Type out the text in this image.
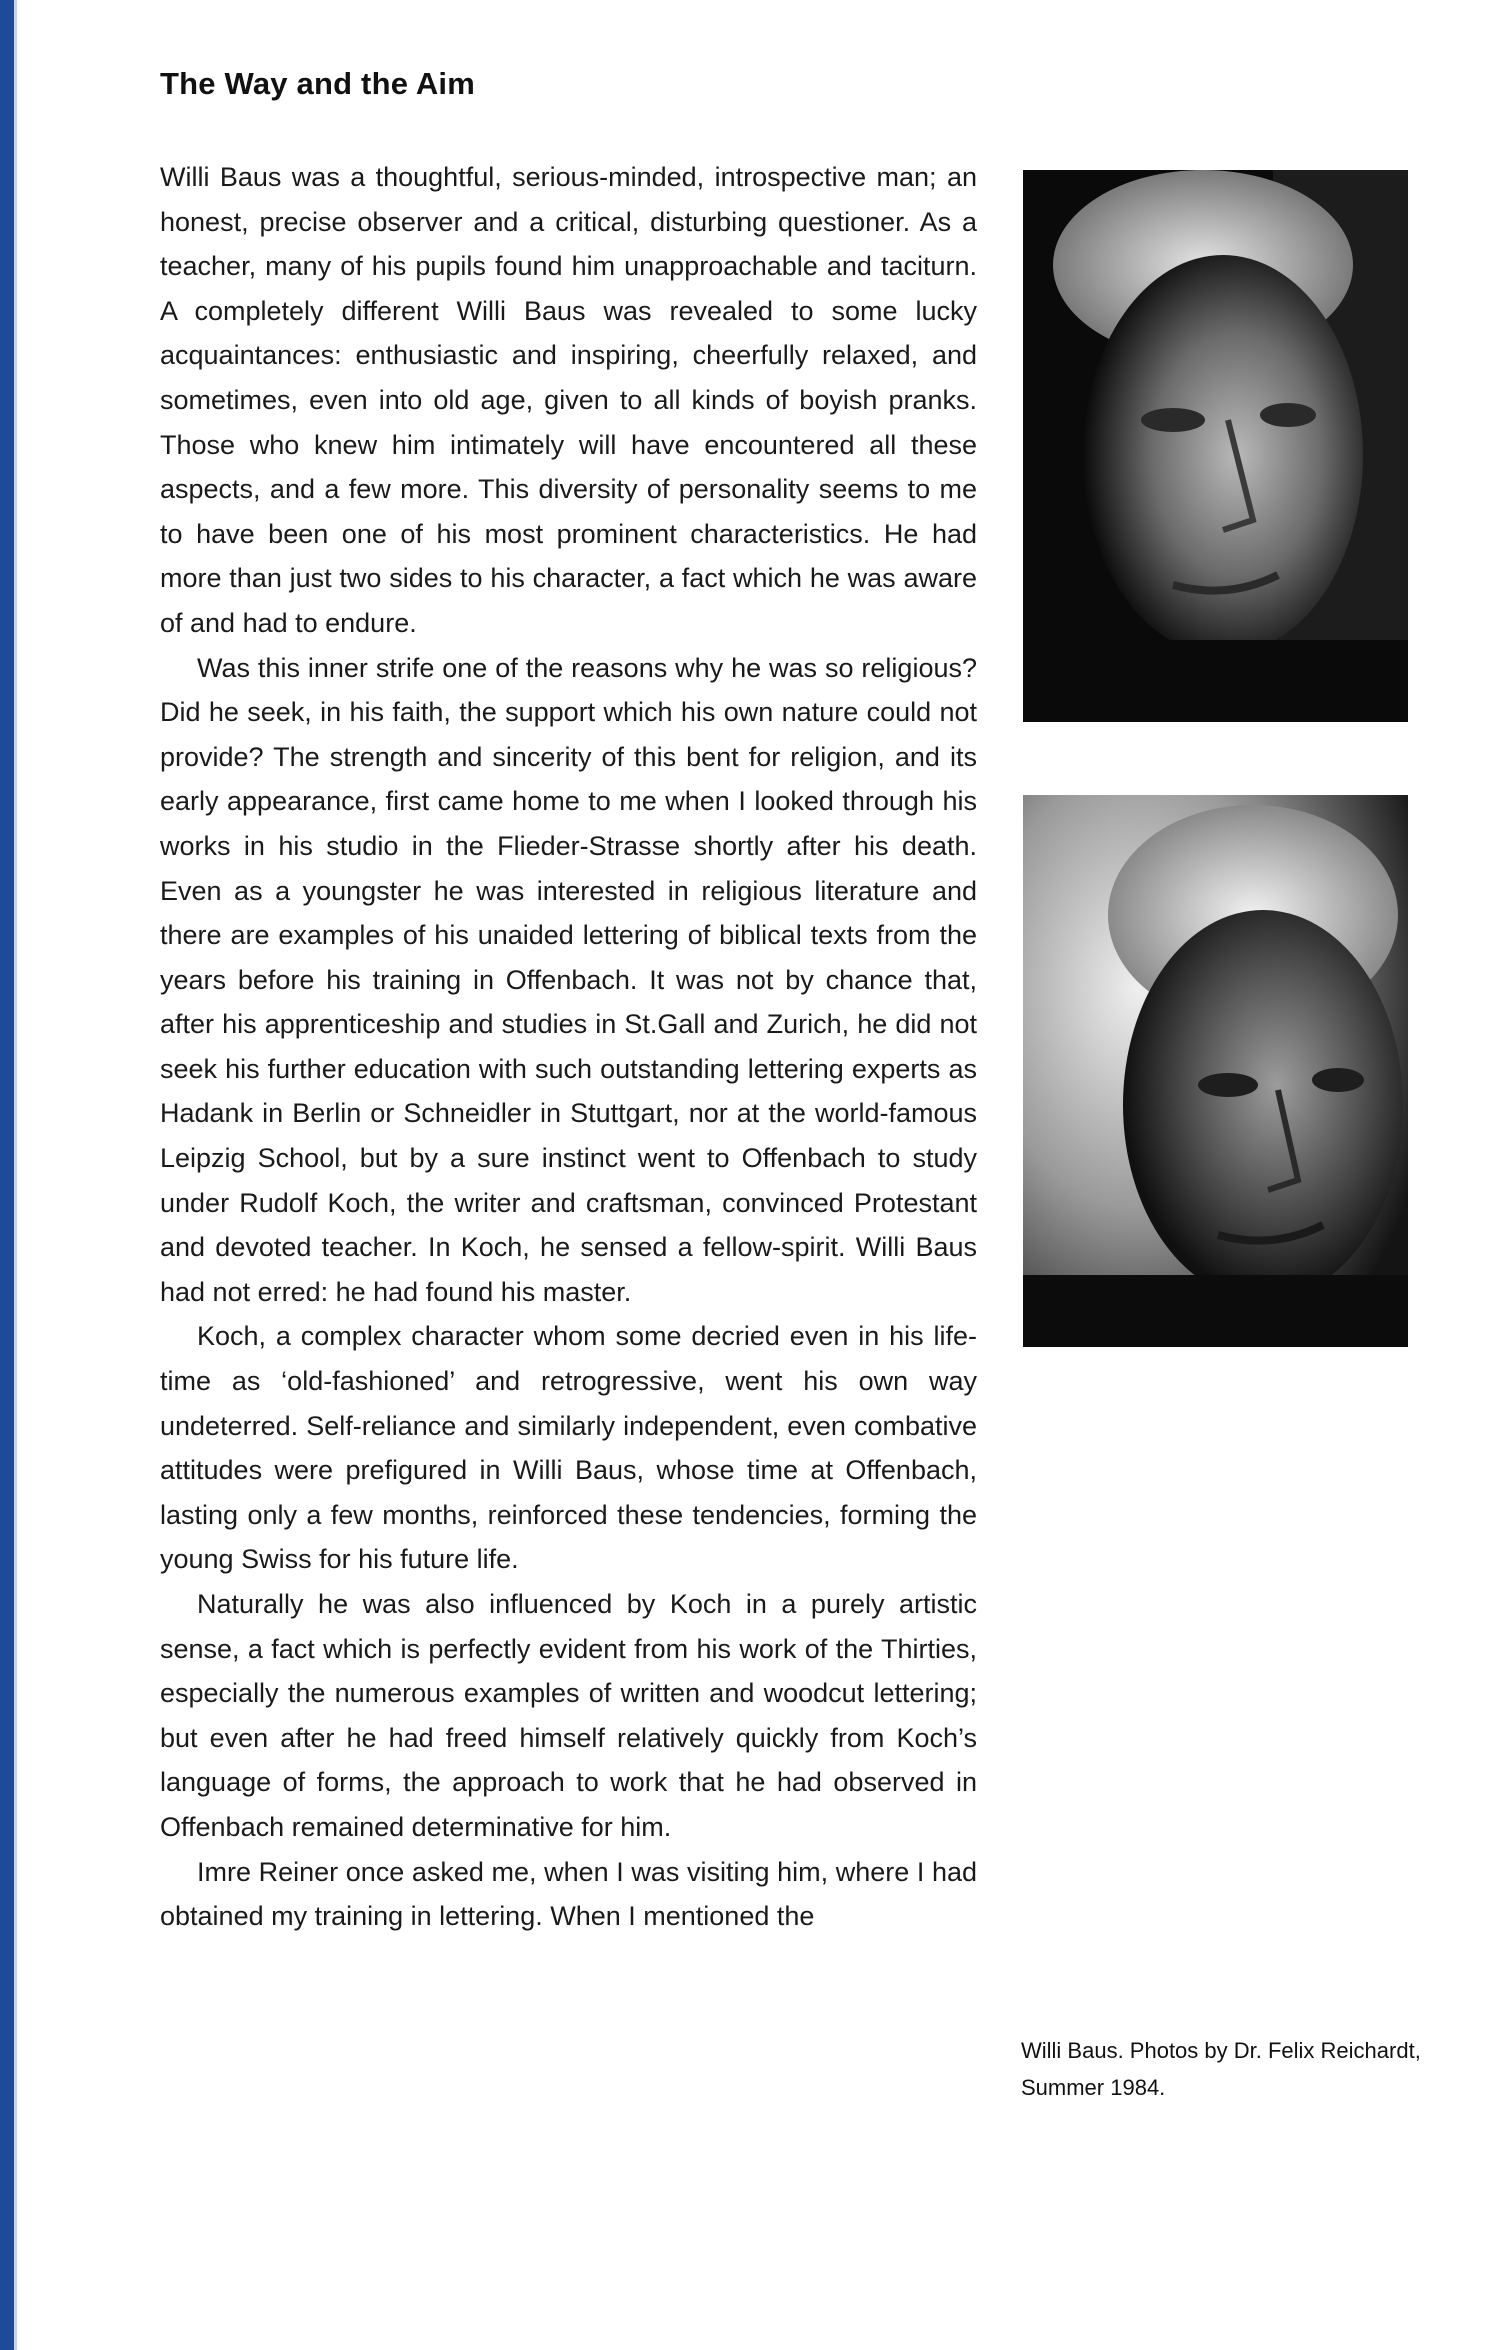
The Way and the Aim

Willi Baus was a thoughtful, serious-minded, introspective man; an honest, precise observer and a critical, disturbing questioner. As a teacher, many of his pupils found him unapproachable and taciturn. A completely different Willi Baus was revealed to some lucky acquaintances: enthusiastic and inspiring, cheerfully relaxed, and sometimes, even into old age, given to all kinds of boyish pranks. Those who knew him intimately will have encountered all these aspects, and a few more. This diversity of personality seems to me to have been one of his most prominent characteristics. He had more than just two sides to his character, a fact which he was aware of and had to endure.

Was this inner strife one of the reasons why he was so religious? Did he seek, in his faith, the support which his own nature could not provide? The strength and sincerity of this bent for religion, and its early appearance, first came home to me when I looked through his works in his studio in the Flieder-Strasse shortly after his death. Even as a youngster he was interested in religious literature and there are examples of his unaided lettering of biblical texts from the years before his training in Offenbach. It was not by chance that, after his apprenticeship and studies in St.Gall and Zurich, he did not seek his further education with such outstanding lettering experts as Hadank in Berlin or Schneidler in Stuttgart, nor at the world-famous Leipzig School, but by a sure instinct went to Offenbach to study under Rudolf Koch, the writer and craftsman, convinced Protestant and devoted teacher. In Koch, he sensed a fellow-spirit. Willi Baus had not erred: he had found his master.

Koch, a complex character whom some decried even in his lifetime as ‘old-fashioned’ and retrogressive, went his own way undeterred. Self-reliance and similarly independent, even combative attitudes were prefigured in Willi Baus, whose time at Offenbach, lasting only a few months, reinforced these tendencies, forming the young Swiss for his future life.

Naturally he was also influenced by Koch in a purely artistic sense, a fact which is perfectly evident from his work of the Thirties, especially the numerous examples of written and woodcut lettering; but even after he had freed himself relatively quickly from Koch’s language of forms, the approach to work that he had observed in Offenbach remained determinative for him.

Imre Reiner once asked me, when I was visiting him, where I had obtained my training in lettering. When I mentioned the

Willi Baus. Photos by Dr. Felix Reichardt, Summer 1984.
